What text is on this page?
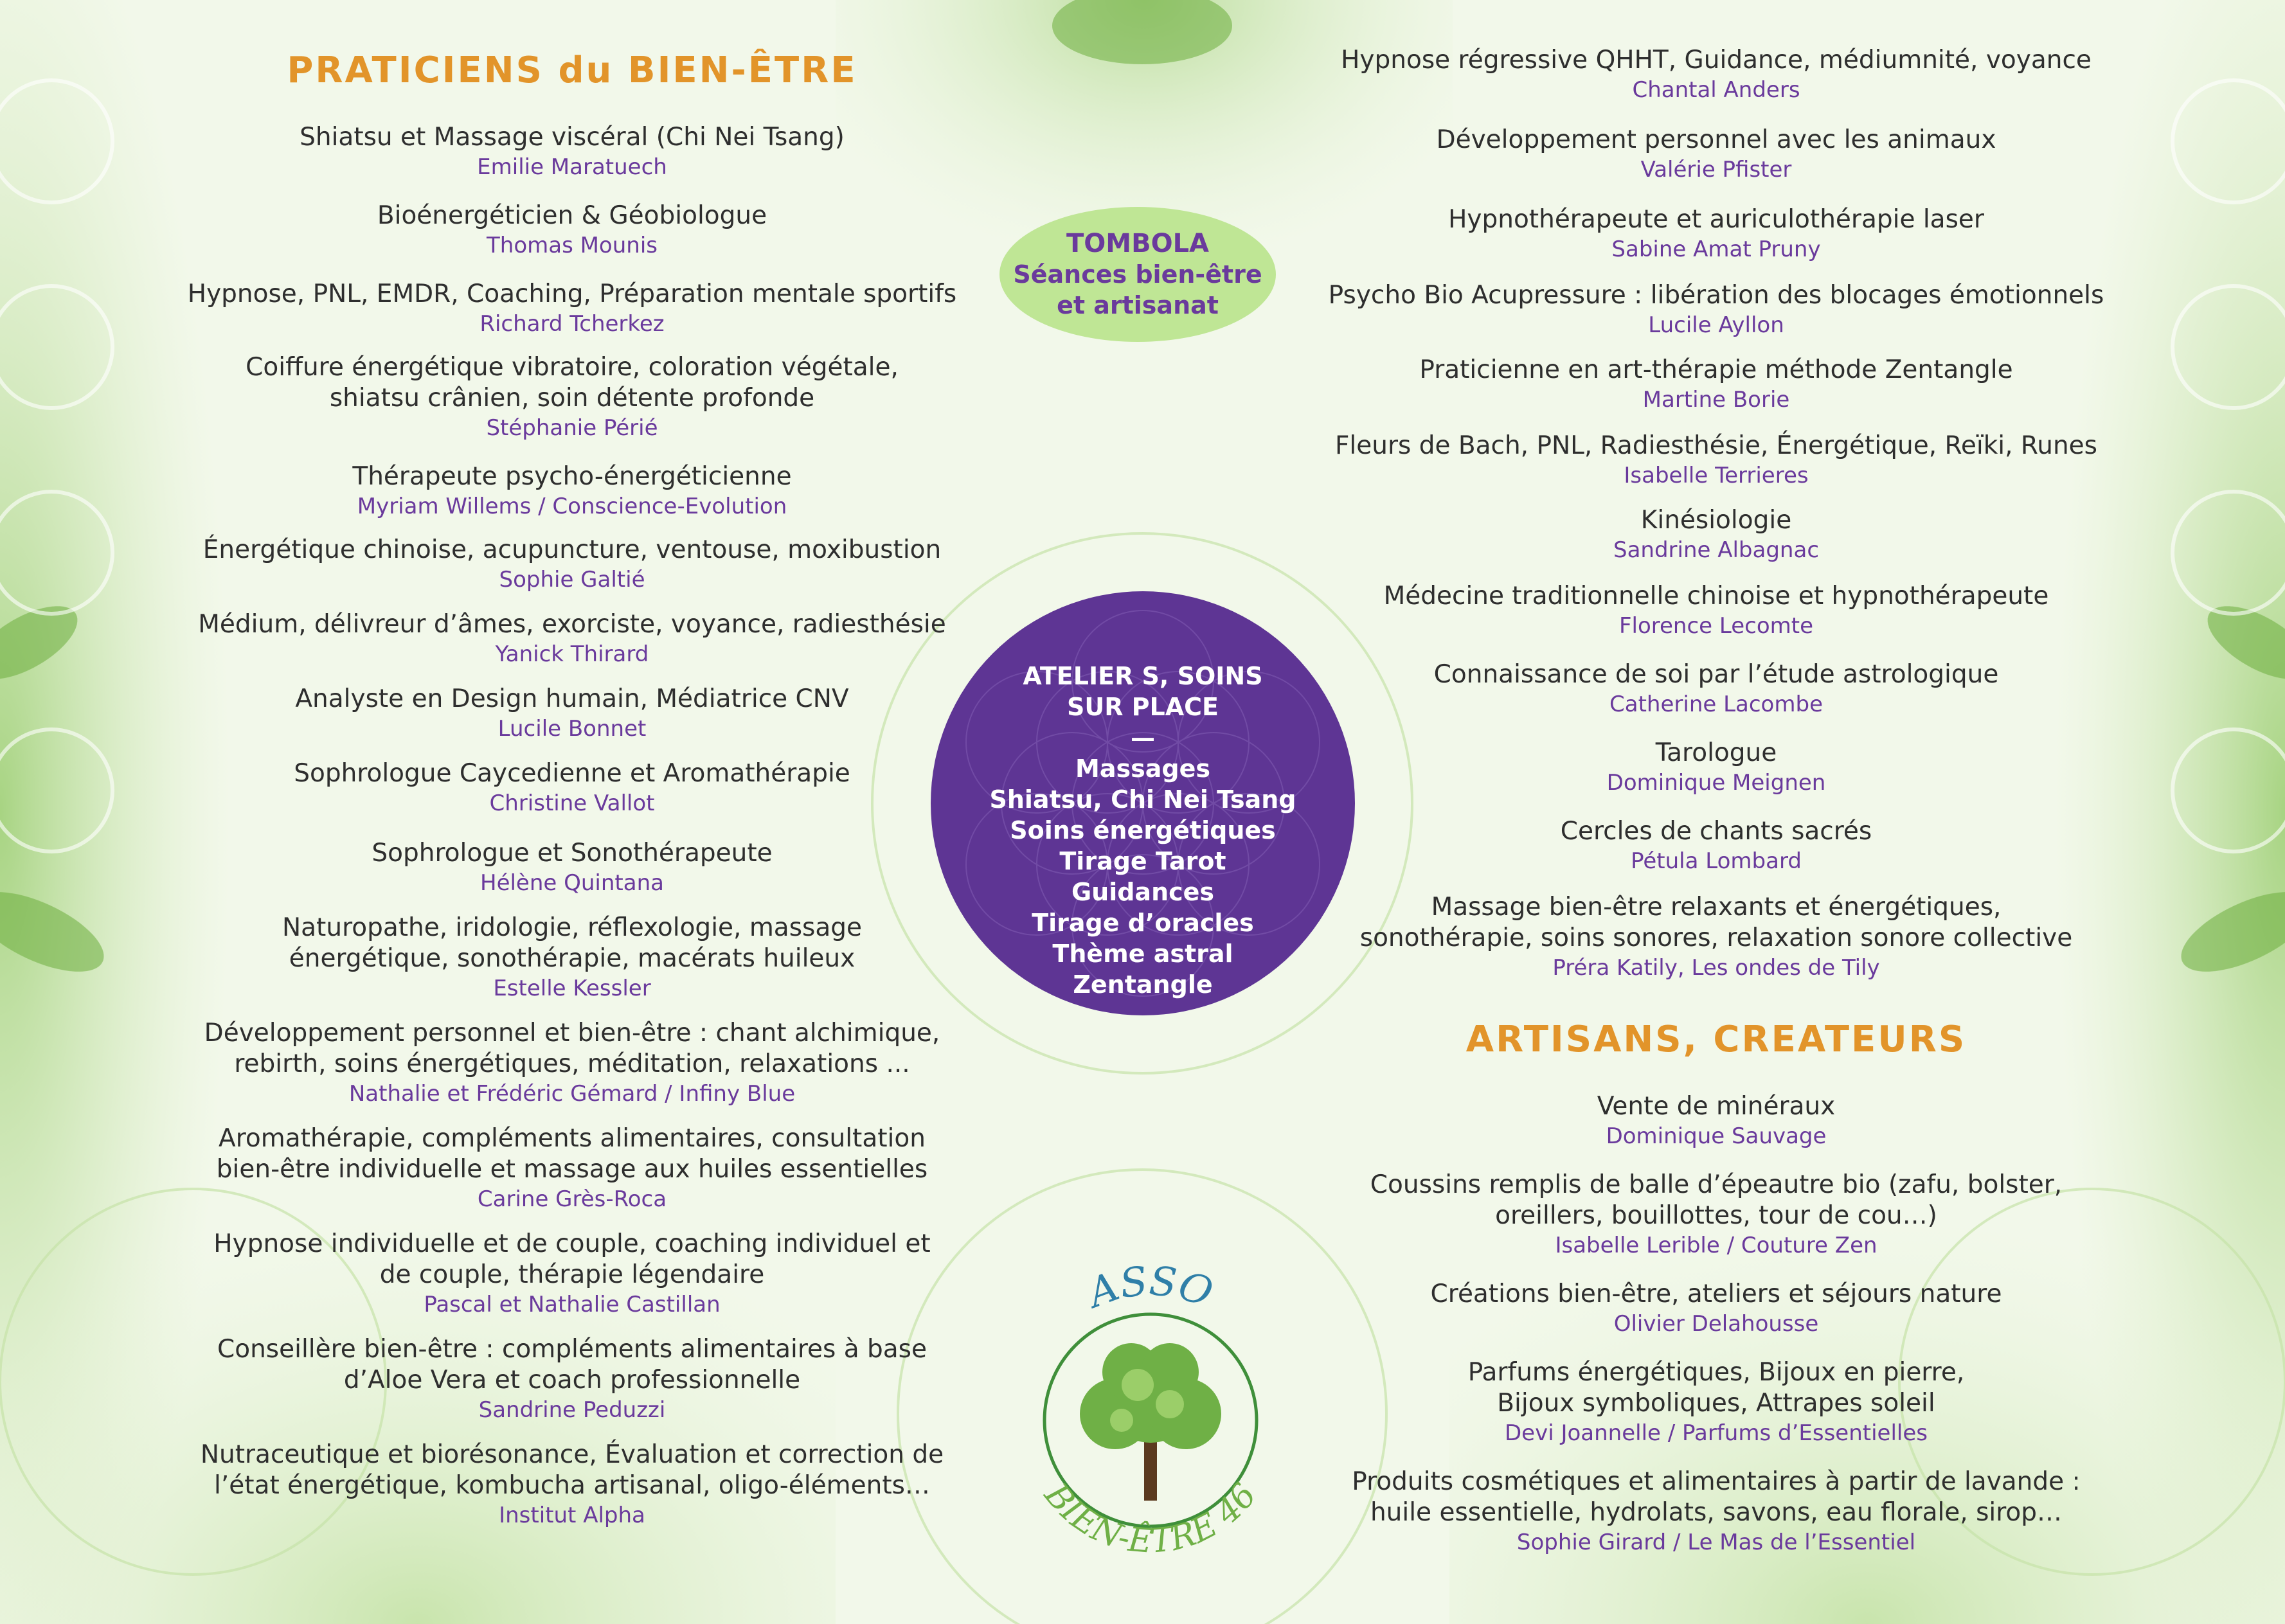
PRATICIENS du BIEN-ÊTRE
Shiatsu et Massage viscéral (Chi Nei Tsang)
Emilie Maratuech
Bioénergéticien & Géobiologue
Thomas Mounis
Hypnose, PNL, EMDR, Coaching, Préparation mentale sportifs
Richard Tcherkez
Coiffure énergétique vibratoire, coloration végétale,
shiatsu crânien, soin détente profonde
Stéphanie Périé
Thérapeute psycho-énergéticienne
Myriam Willems / Conscience-Evolution
Énergétique chinoise, acupuncture, ventouse, moxibustion
Sophie Galtié
Médium, délivreur d’âmes, exorciste, voyance, radiesthésie
Yanick Thirard
Analyste en Design humain, Médiatrice CNV
Lucile Bonnet
Sophrologue Caycedienne et Aromathérapie
Christine Vallot
Sophrologue et Sonothérapeute
Hélène Quintana
Naturopathe, iridologie, réflexologie, massage
énergétique, sonothérapie, macérats huileux
Estelle Kessler
Développement personnel et bien-être : chant alchimique,
rebirth, soins énergétiques, méditation, relaxations ...
Nathalie et Frédéric Gémard / Infiny Blue
Aromathérapie, compléments alimentaires, consultation
bien-être individuelle et massage aux huiles essentielles
Carine Grès-Roca
Hypnose individuelle et de couple, coaching individuel et
de couple, thérapie légendaire
Pascal et Nathalie Castillan
Conseillère bien-être : compléments alimentaires à base
d’Aloe Vera et coach professionnelle
Sandrine Peduzzi
Nutraceutique et biorésonance, Évaluation et correction de
l’état énergétique, kombucha artisanal, oligo-éléments…
Institut Alpha
Hypnose régressive QHHT, Guidance, médiumnité, voyance
Chantal Anders
Développement personnel avec les animaux
Valérie Pfister
Hypnothérapeute et auriculothérapie laser
Sabine Amat Pruny
Psycho Bio Acupressure : libération des blocages émotionnels
Lucile Ayllon
Praticienne en art-thérapie méthode Zentangle
Martine Borie
Fleurs de Bach, PNL, Radiesthésie, Énergétique, Reïki, Runes
Isabelle Terrieres
Kinésiologie
Sandrine Albagnac
Médecine traditionnelle chinoise et hypnothérapeute
Florence Lecomte
Connaissance de soi par l’étude astrologique
Catherine Lacombe
Tarologue
Dominique Meignen
Cercles de chants sacrés
Pétula Lombard
Massage bien-être relaxants et énergétiques,
sonothérapie, soins sonores, relaxation sonore collective
Préra Katily, Les ondes de Tily
ARTISANS, CREATEURS
Vente de minéraux
Dominique Sauvage
Coussins remplis de balle d’épeautre bio (zafu, bolster,
oreillers, bouillottes, tour de cou…)
Isabelle Lerible / Couture Zen
Créations bien-être, ateliers et séjours nature
Olivier Delahousse
Parfums énergétiques, Bijoux en pierre,
Bijoux symboliques, Attrapes soleil
Devi Joannelle / Parfums d’Essentielles
Produits cosmétiques et alimentaires à partir de lavande :
huile essentielle, hydrolats, savons, eau florale, sirop…
Sophie Girard / Le Mas de l’Essentiel
TOMBOLA
Séances bien-être
et artisanat
ATELIER S, SOINS
SUR PLACE
—
Massages
Shiatsu, Chi Nei Tsang
Soins énergétiques
Tirage Tarot
Guidances
Tirage d’oracles
Thème astral
Zentangle
ASSO
BIEN-ÊTRE 46
